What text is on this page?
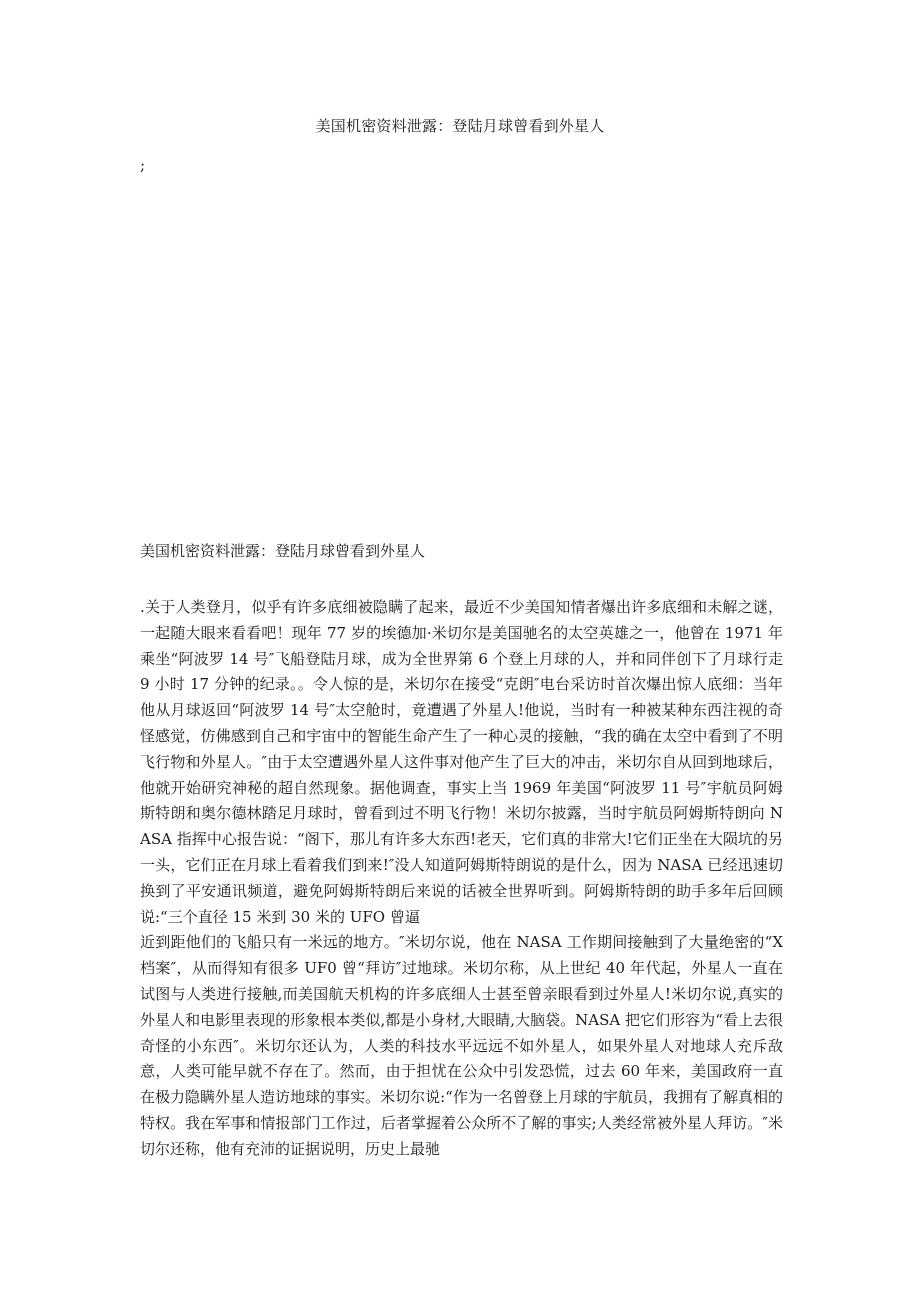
美国机密资料泄露：登陆月球曾看到外星人
;
美国机密资料泄露：登陆月球曾看到外星人

.关于人类登月，似乎有许多底细被隐瞒了起来，最近不少美国知情者爆出许多底细和未解之谜，一起随大眼来看看吧！现年 77 岁的埃德加·米切尔是美国驰名的太空英雄之一，他曾在 1971 年乘坐“阿波罗 14 号″飞船登陆月球，成为全世界第 6 个登上月球的人，并和同伴创下了月球行走 9 小时 17 分钟的纪录。。令人惊的是，米切尔在接受“克朗″电台采访时首次爆出惊人底细：当年他从月球返回“阿波罗 14 号″太空舱时，竟遭遇了外星人!他说，当时有一种被某种东西注视的奇怪感觉，仿佛感到自己和宇宙中的智能生命产生了一种心灵的接触，“我的确在太空中看到了不明飞行物和外星人。″由于太空遭遇外星人这件事对他产生了巨大的冲击，米切尔自从回到地球后，他就开始研究神秘的超自然现象。据他调查，事实上当 1969 年美国“阿波罗 11 号″宇航员阿姆斯特朗和奥尔德林踏足月球时，曾看到过不明飞行物！米切尔披露，当时宇航员阿姆斯特朗向 NASA 指挥中心报告说：“阁下，那儿有许多大东西!老天，它们真的非常大!它们正坐在大陨坑的另一头，它们正在月球上看着我们到来!″没人知道阿姆斯特朗说的是什么，因为 NASA 已经迅速切换到了平安通讯频道，避免阿姆斯特朗后来说的话被全世界听到。阿姆斯特朗的助手多年后回顾说:“三个直径 15 米到 30 米的 UFO 曾逼

近到距他们的飞船只有一米远的地方。″米切尔说，他在 NASA 工作期间接触到了大量绝密的“X 档案″，从而得知有很多 UF0 曾“拜访″过地球。米切尔称，从上世纪 40 年代起，外星人一直在试图与人类进行接触,而美国航天机构的许多底细人士甚至曾亲眼看到过外星人!米切尔说,真实的外星人和电影里表现的形象根本类似,都是小身材,大眼睛,大脑袋。NASA 把它们形容为“看上去很奇怪的小东西″。米切尔还认为，人类的科技水平远远不如外星人，如果外星人对地球人充斥敌意，人类可能早就不存在了。然而，由于担忧在公众中引发恐慌，过去 60 年来，美国政府一直在极力隐瞒外星人造访地球的事实。米切尔说:“作为一名曾登上月球的宇航员，我拥有了解真相的特权。我在军事和情报部门工作过，后者掌握着公众所不了解的事实;人类经常被外星人拜访。″米切尔还称，他有充沛的证据说明，历史上最驰
